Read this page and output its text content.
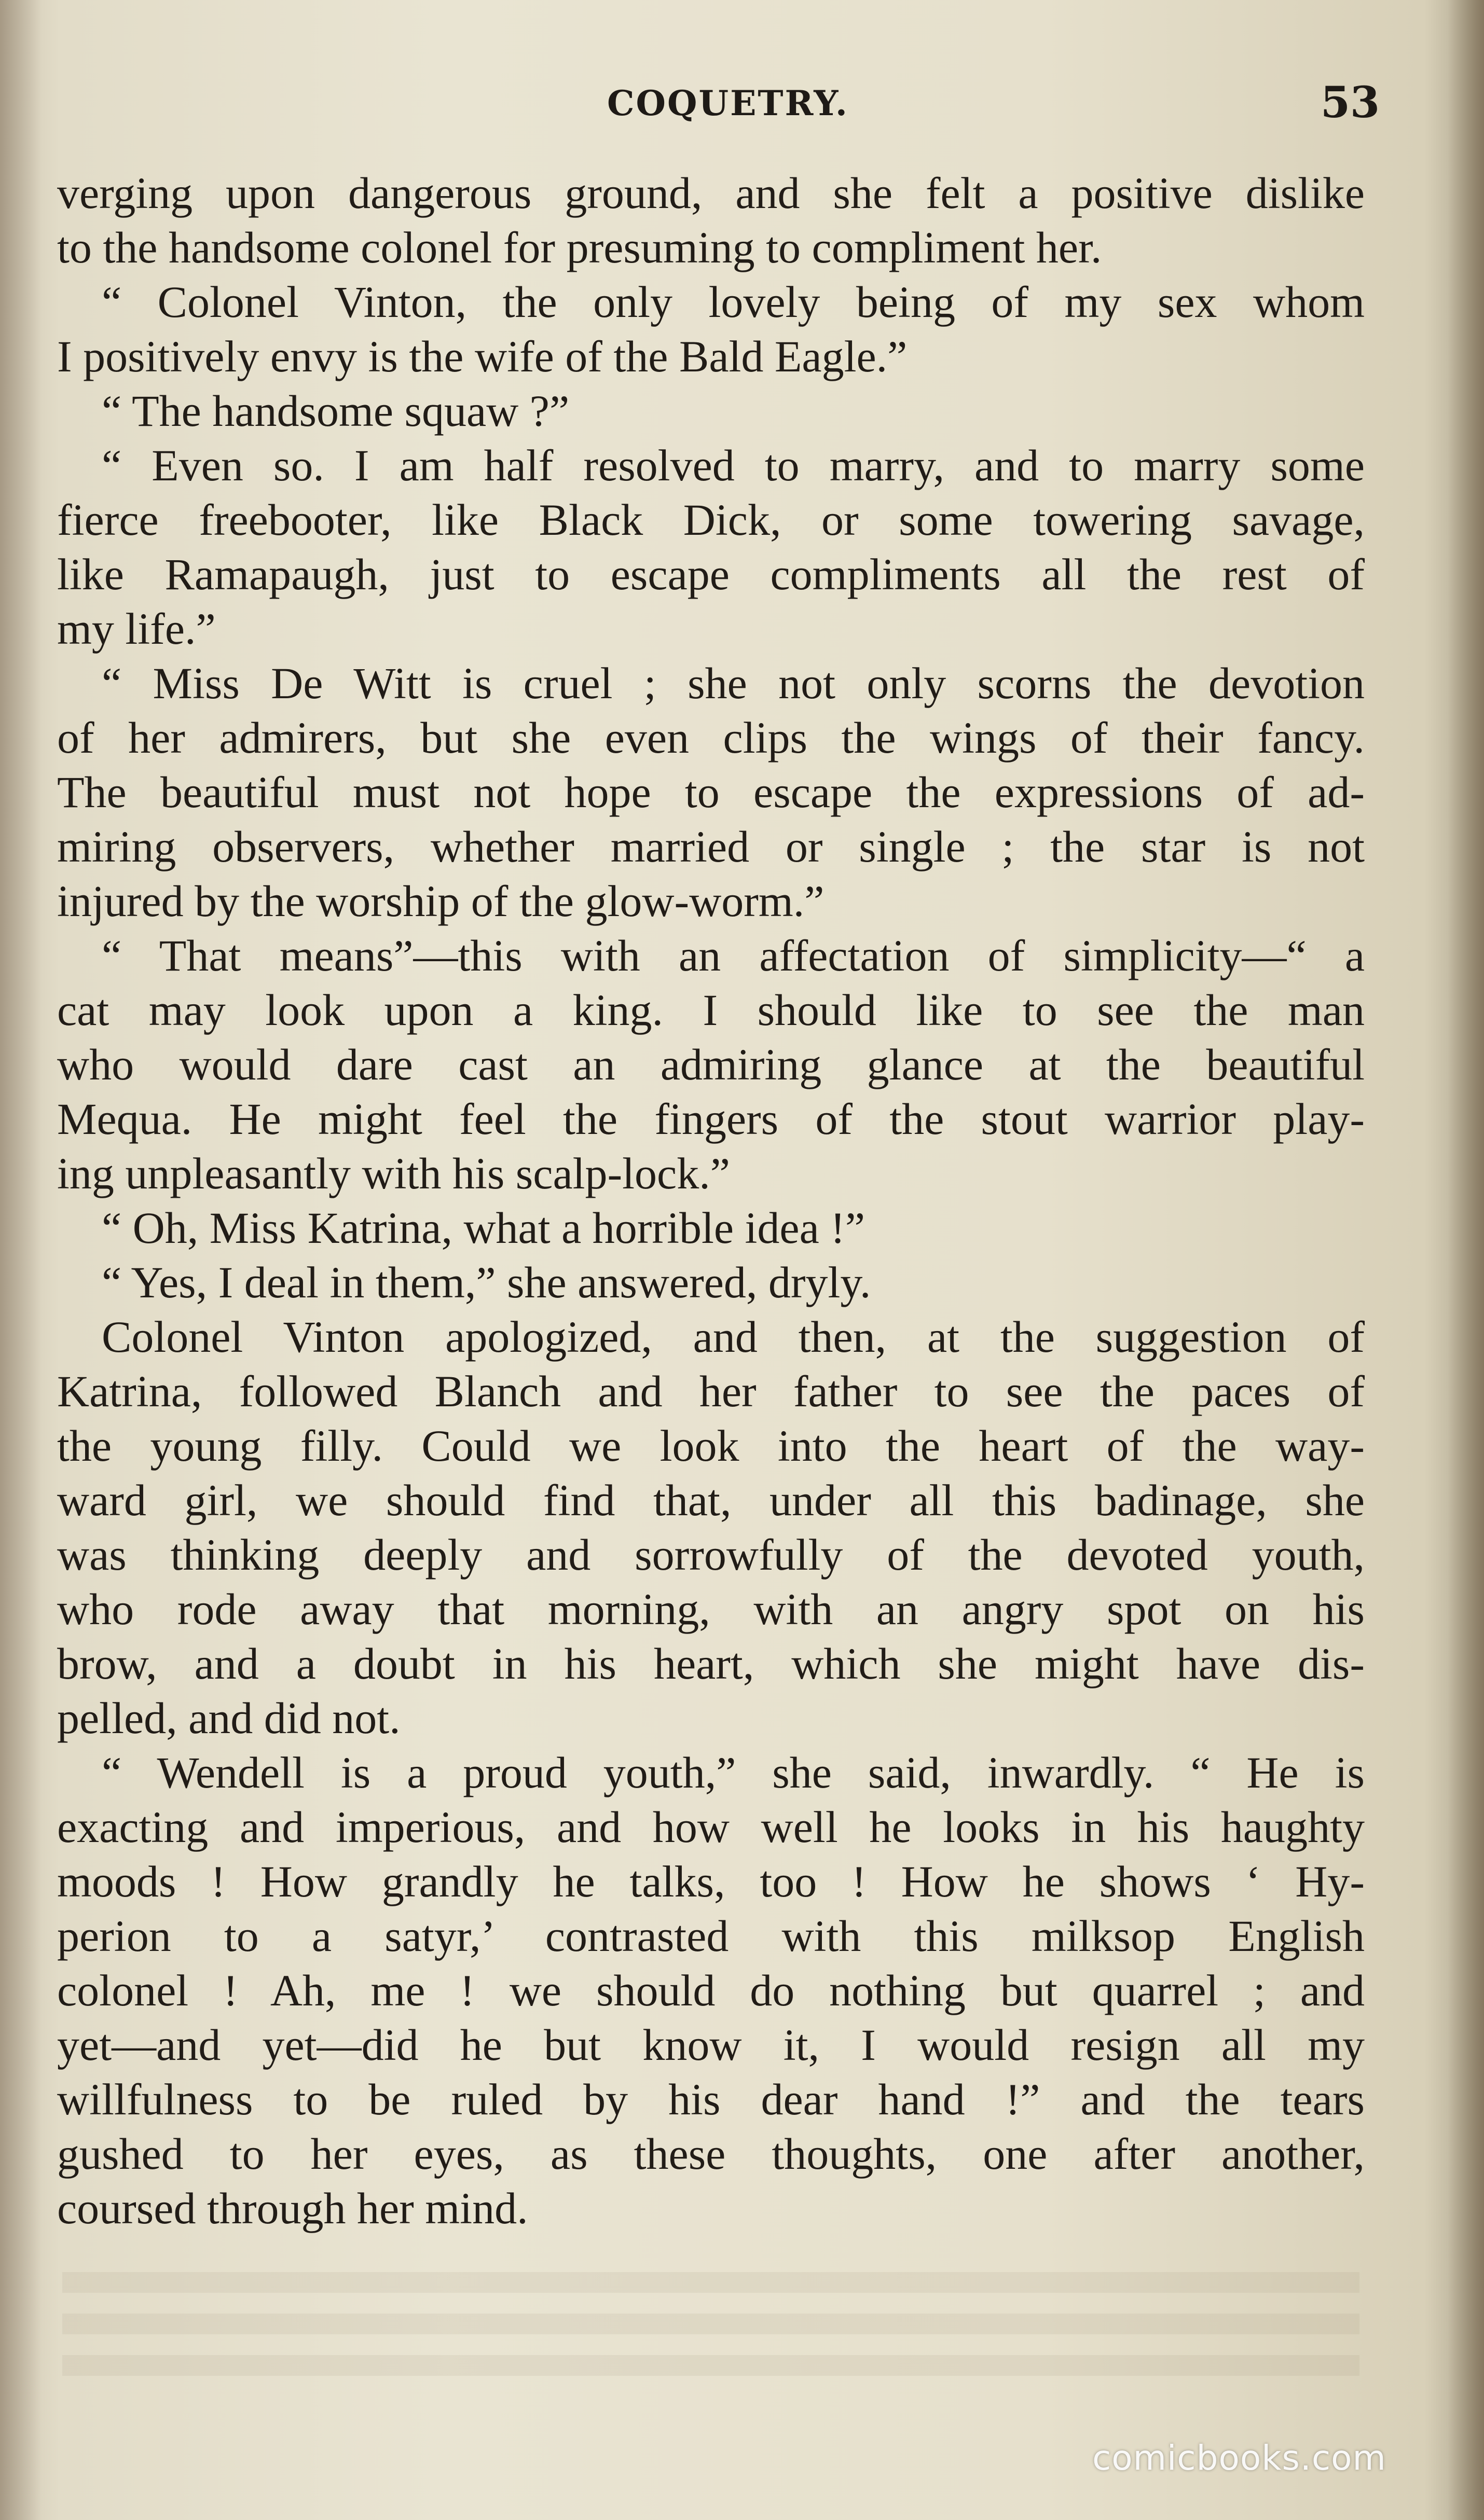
COQUETRY.	53
verging upon dangerous ground, and she felt a positive dislike
to the handsome colonel for presuming to compliment her.
“ Colonel Vinton, the only lovely being of my sex whom
I positively envy is the wife of the Bald Eagle.”
“ The handsome squaw ?”
“ Even so. I am half resolved to marry, and to marry some
fierce freebooter, like Black Dick, or some towering savage,
like Ramapaugh, just to escape compliments all the rest of
my life.”
“ Miss De Witt is cruel ; she not only scorns the devotion
of her admirers, but she even clips the wings of their fancy.
The beautiful must not hope to escape the expressions of ad-
miring observers, whether married or single ; the star is not
injured by the worship of the glow-worm.”
“ That means”—this with an affectation of simplicity—“ a
cat may look upon a king. I should like to see the man
who would dare cast an admiring glance at the beautiful
Mequa. He might feel the fingers of the stout warrior play-
ing unpleasantly with his scalp-lock.”
“ Oh, Miss Katrina, what a horrible idea !”
“ Yes, I deal in them,” she answered, dryly.
Colonel Vinton apologized, and then, at the suggestion of
Katrina, followed Blanch and her father to see the paces of
the young filly. Could we look into the heart of the way-
ward girl, we should find that, under all this badinage, she
was thinking deeply and sorrowfully of the devoted youth,
who rode away that morning, with an angry spot on his
brow, and a doubt in his heart, which she might have dis-
pelled, and did not.
“ Wendell is a proud youth,” she said, inwardly. “ He is
exacting and imperious, and how well he looks in his haughty
moods ! How grandly he talks, too ! How he shows ‘ Hy-
perion to a satyr,’ contrasted with this milksop English
colonel ! Ah, me ! we should do nothing but quarrel ; and
yet—and yet—did he but know it, I would resign all my
willfulness to be ruled by his dear hand !” and the tears
gushed to her eyes, as these thoughts, one after another,
coursed through her mind.
comicbooks.com
